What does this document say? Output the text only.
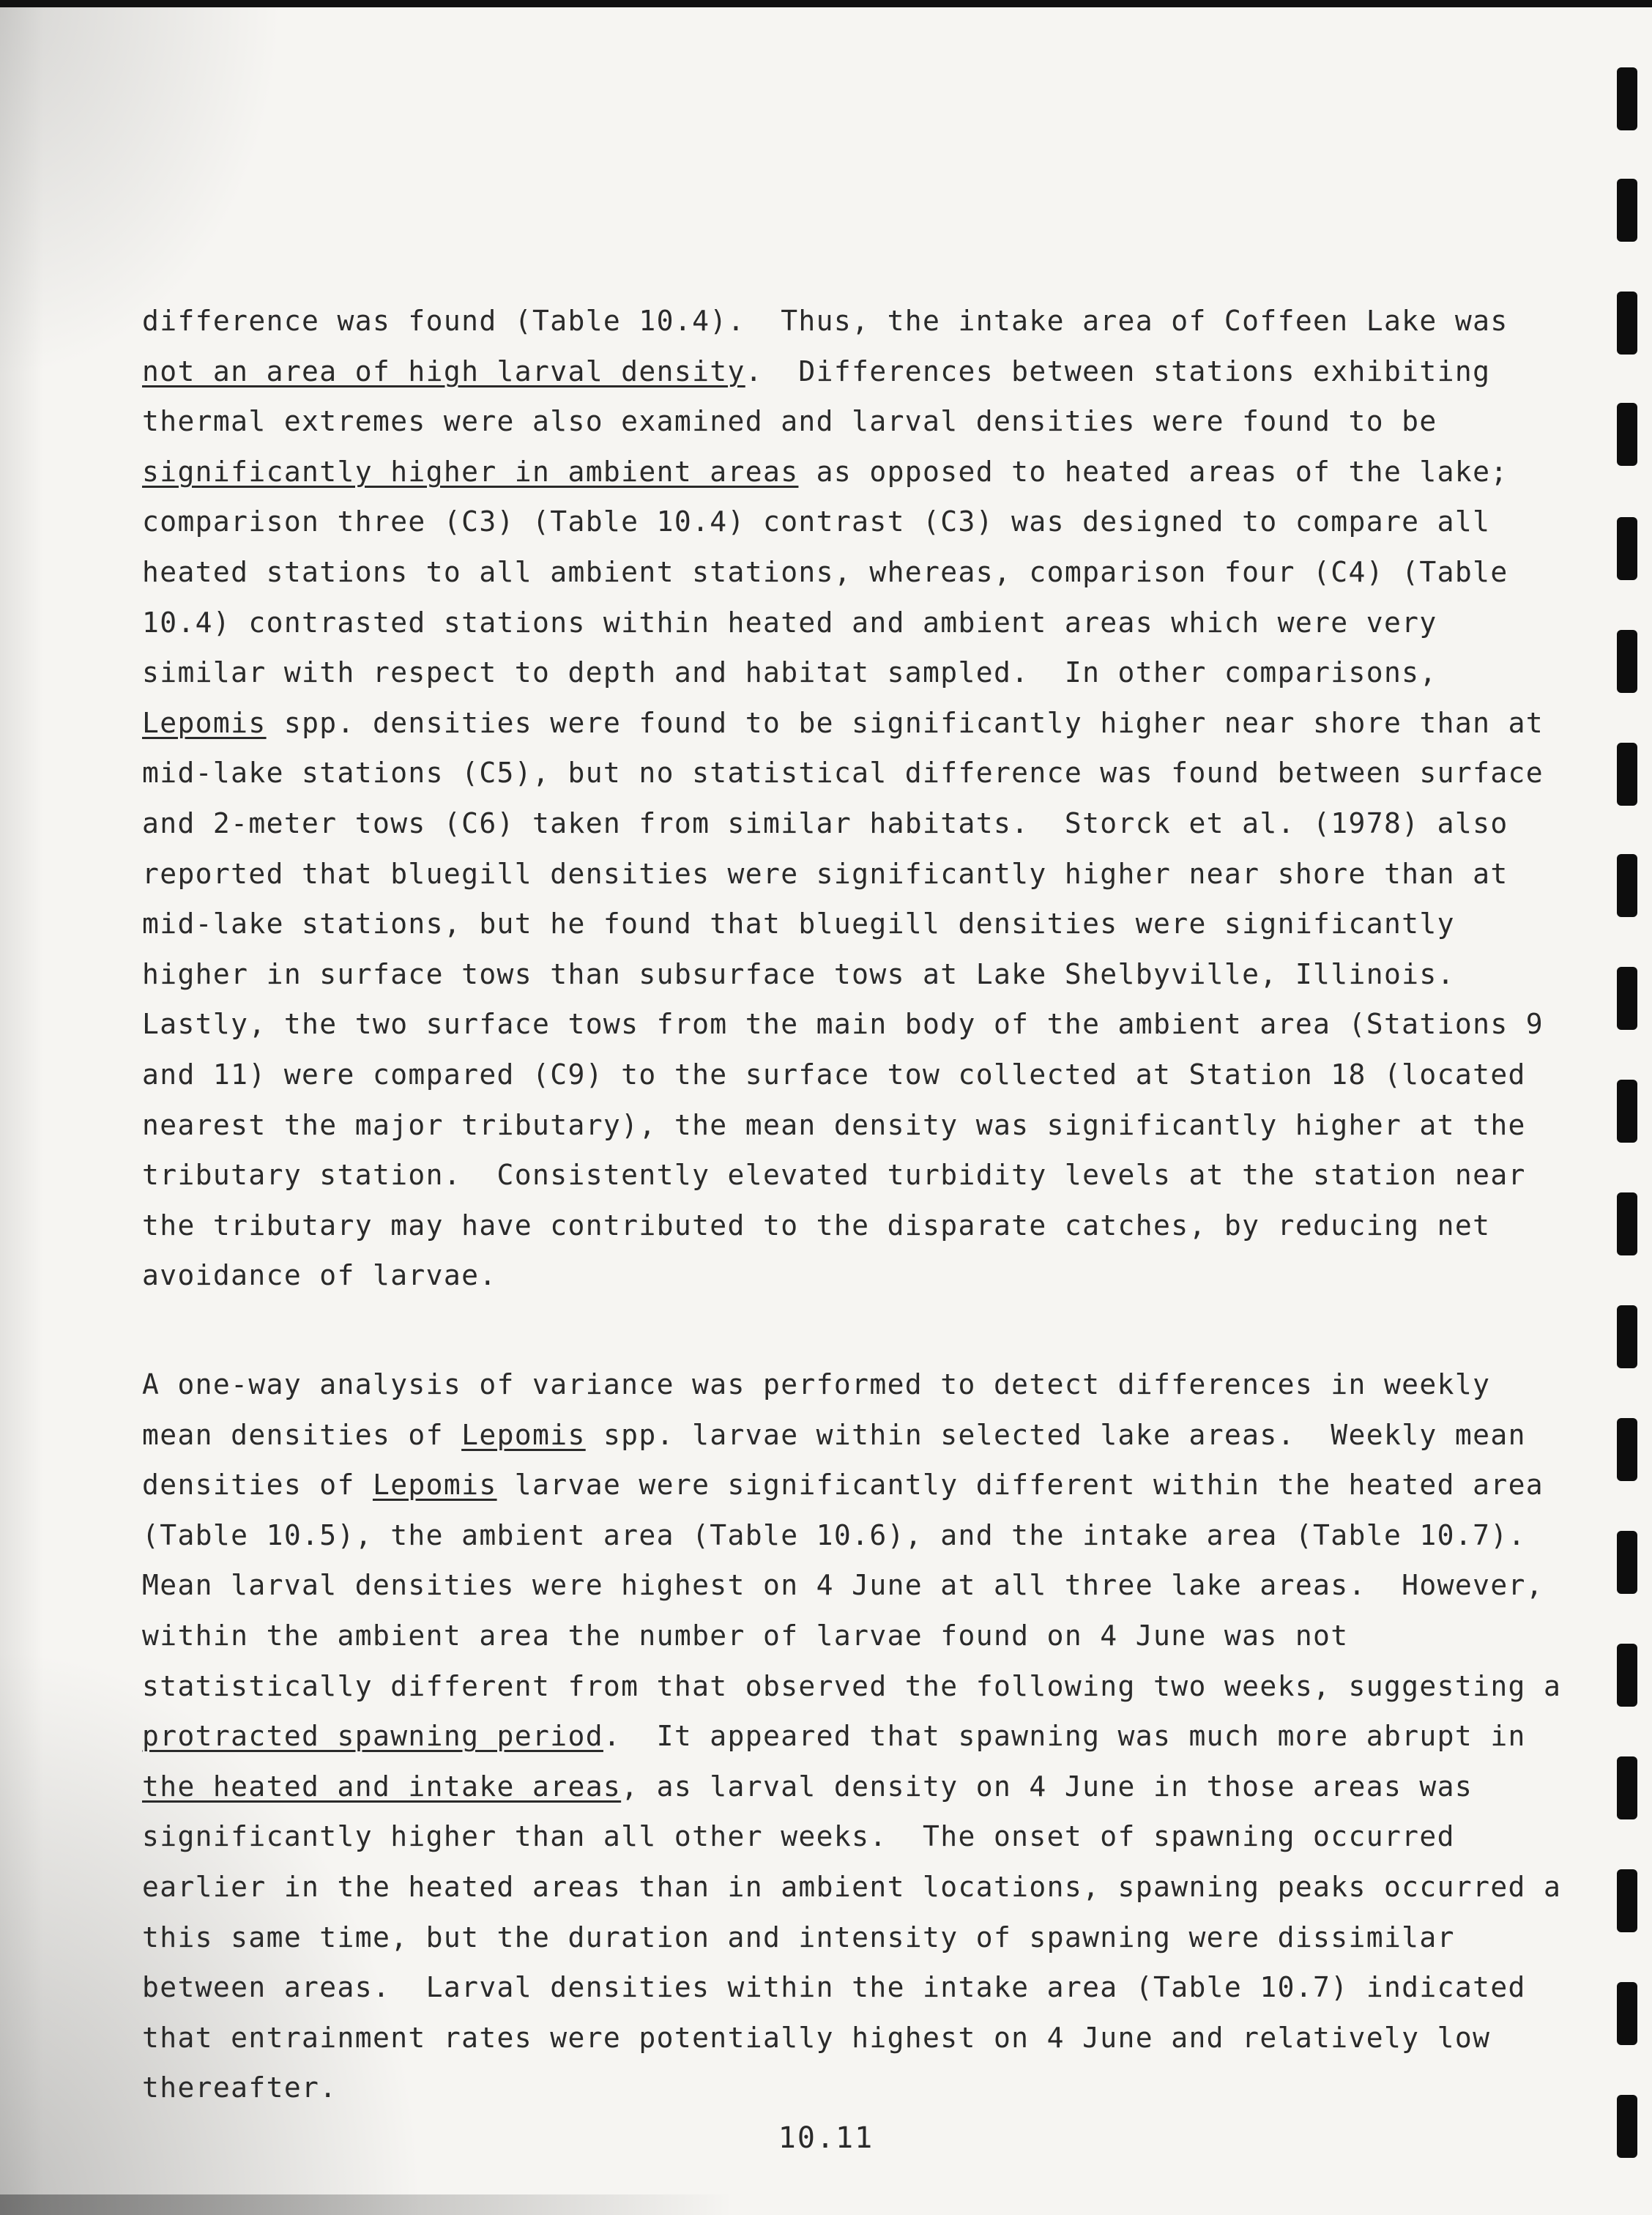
difference was found (Table 10.4).  Thus, the intake area of Coffeen Lake was
not an area of high larval density.  Differences between stations exhibiting
thermal extremes were also examined and larval densities were found to be
significantly higher in ambient areas as opposed to heated areas of the lake;
comparison three (C3) (Table 10.4) contrast (C3) was designed to compare all
heated stations to all ambient stations, whereas, comparison four (C4) (Table
10.4) contrasted stations within heated and ambient areas which were very
similar with respect to depth and habitat sampled.  In other comparisons,
Lepomis spp. densities were found to be significantly higher near shore than at
mid-lake stations (C5), but no statistical difference was found between surface
and 2-meter tows (C6) taken from similar habitats.  Storck et al. (1978) also
reported that bluegill densities were significantly higher near shore than at
mid-lake stations, but he found that bluegill densities were significantly
higher in surface tows than subsurface tows at Lake Shelbyville, Illinois.
Lastly, the two surface tows from the main body of the ambient area (Stations 9
and 11) were compared (C9) to the surface tow collected at Station 18 (located
nearest the major tributary), the mean density was significantly higher at the
tributary station.  Consistently elevated turbidity levels at the station near
the tributary may have contributed to the disparate catches, by reducing net
avoidance of larvae.
A one-way analysis of variance was performed to detect differences in weekly
mean densities of Lepomis spp. larvae within selected lake areas.  Weekly mean
densities of Lepomis larvae were significantly different within the heated area
(Table 10.5), the ambient area (Table 10.6), and the intake area (Table 10.7).
Mean larval densities were highest on 4 June at all three lake areas.  However,
within the ambient area the number of larvae found on 4 June was not
statistically different from that observed the following two weeks, suggesting a
protracted spawning period.  It appeared that spawning was much more abrupt in
the heated and intake areas, as larval density on 4 June in those areas was
significantly higher than all other weeks.  The onset of spawning occurred
earlier in the heated areas than in ambient locations, spawning peaks occurred a
this same time, but the duration and intensity of spawning were dissimilar
between areas.  Larval densities within the intake area (Table 10.7) indicated
that entrainment rates were potentially highest on 4 June and relatively low
thereafter.

10.11
